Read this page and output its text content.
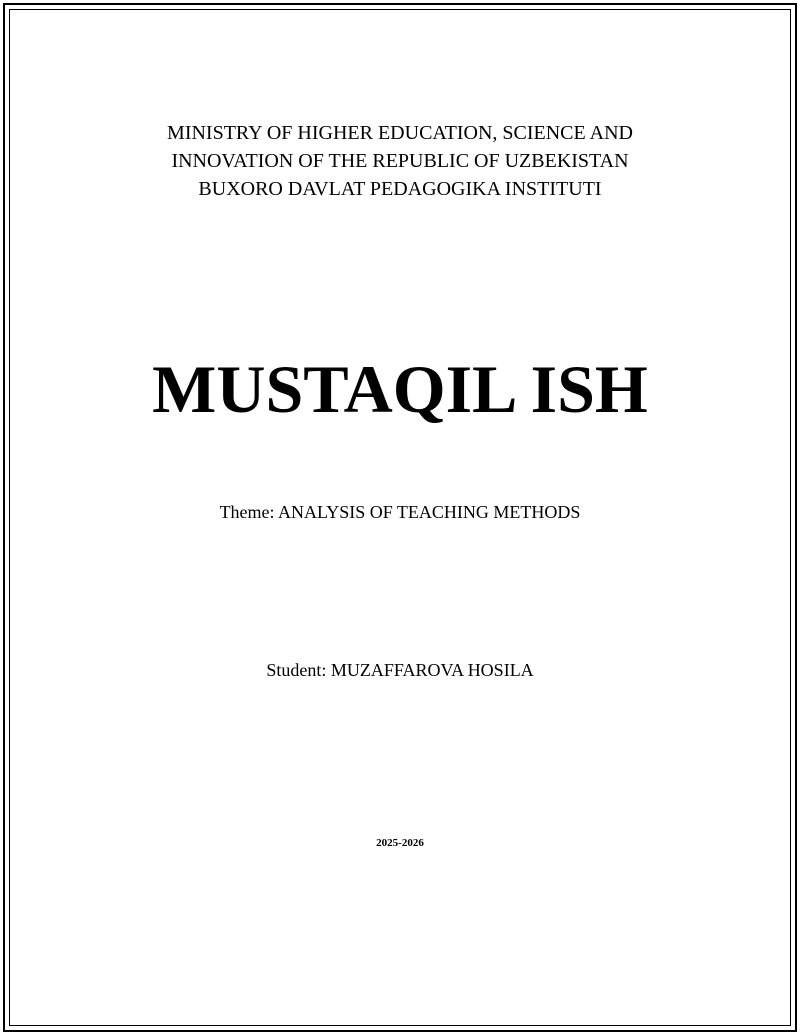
MINISTRY OF HIGHER EDUCATION, SCIENCE AND
INNOVATION OF THE REPUBLIC OF UZBEKISTAN
BUXORO DAVLAT PEDAGOGIKA INSTITUTI
MUSTAQIL ISH
Theme: ANALYSIS OF TEACHING METHODS
Student: MUZAFFAROVA HOSILA
2025-2026
